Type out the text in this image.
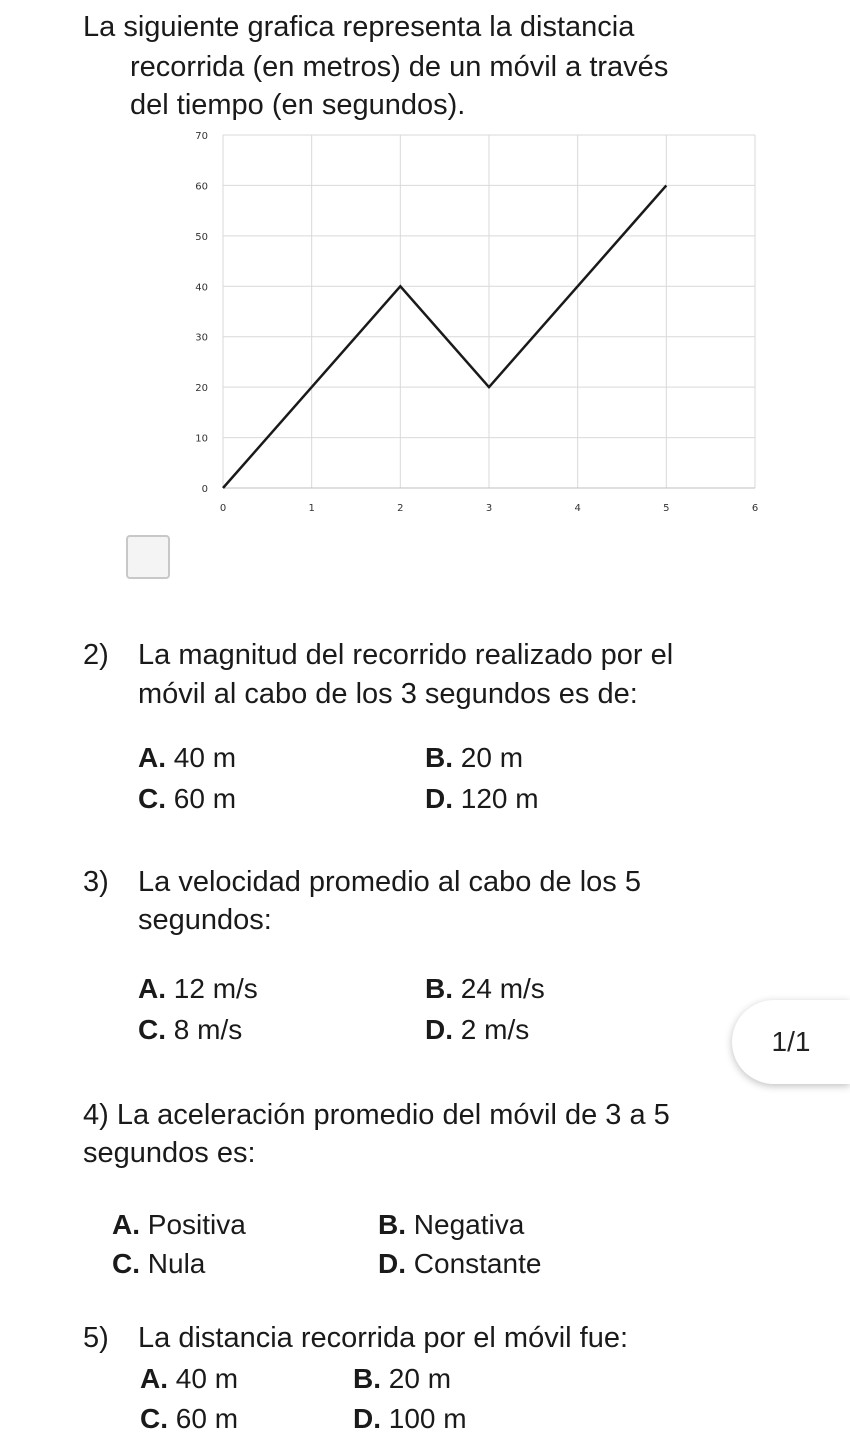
La siguiente grafica representa la distancia
recorrida (en metros) de un móvil a través
del tiempo (en segundos).
0
10
20
30
40
50
60
70
0	1	2	3	4	5	6
2) La magnitud del recorrido realizado por el
móvil al cabo de los 3 segundos es de:
A. 40 m	B. 20 m
C. 60 m	D. 120 m
3) La velocidad promedio al cabo de los 5
segundos:
A. 12 m/s	B. 24 m/s
C. 8 m/s	D. 2 m/s	1/1
4) La aceleración promedio del móvil de 3 a 5
segundos es:
A. Positiva	B. Negativa
C. Nula	D. Constante
5) La distancia recorrida por el móvil fue:
A. 40 m	B. 20 m
C. 60 m	D. 100 m
